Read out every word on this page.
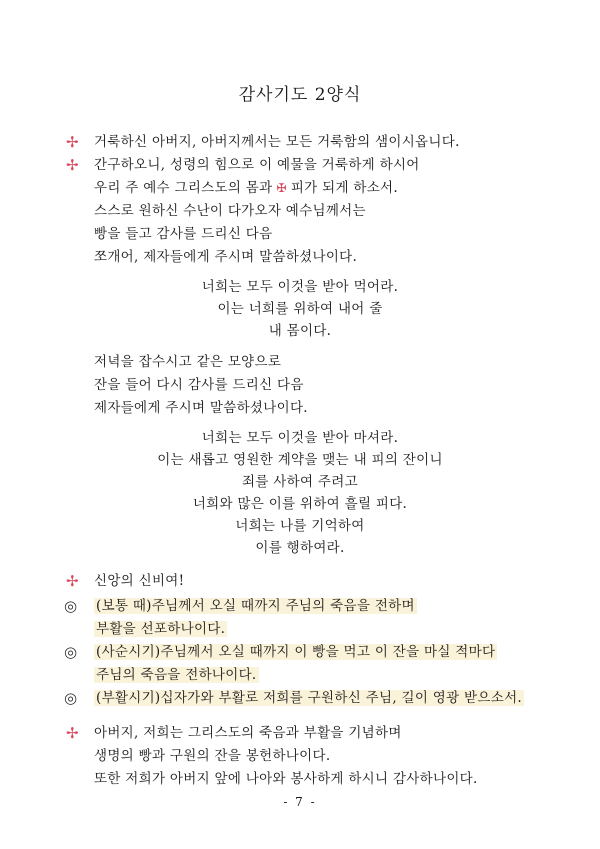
감사기도 2양식
✢ 거룩하신 아버지, 아버지께서는 모든 거룩함의 샘이시옵니다.
✢ 간구하오니, 성령의 힘으로 이 예물을 거룩하게 하시어
우리 주 예수 그리스도의 몸과 ✠ 피가 되게 하소서.
스스로 원하신 수난이 다가오자 예수님께서는
빵을 들고 감사를 드리신 다음
쪼개어, 제자들에게 주시며 말씀하셨나이다.
너희는 모두 이것을 받아 먹어라.
이는 너희를 위하여 내어 줄
내 몸이다.
저녁을 잡수시고 같은 모양으로
잔을 들어 다시 감사를 드리신 다음
제자들에게 주시며 말씀하셨나이다.
너희는 모두 이것을 받아 마셔라.
이는 새롭고 영원한 계약을 맺는 내 피의 잔이니
죄를 사하여 주려고
너희와 많은 이를 위하여 흘릴 피다.
너희는 나를 기억하여
이를 행하여라.
✢ 신앙의 신비여!
◎ (보통 때)주님께서 오실 때까지 주님의 죽음을 전하며
부활을 선포하나이다.
◎ (사순시기)주님께서 오실 때까지 이 빵을 먹고 이 잔을 마실 적마다
주님의 죽음을 전하나이다.
◎ (부활시기)십자가와 부활로 저희를 구원하신 주님, 길이 영광 받으소서.
✢ 아버지, 저희는 그리스도의 죽음과 부활을 기념하며
생명의 빵과 구원의 잔을 봉헌하나이다.
또한 저희가 아버지 앞에 나아와 봉사하게 하시니 감사하나이다.
- 7 -
